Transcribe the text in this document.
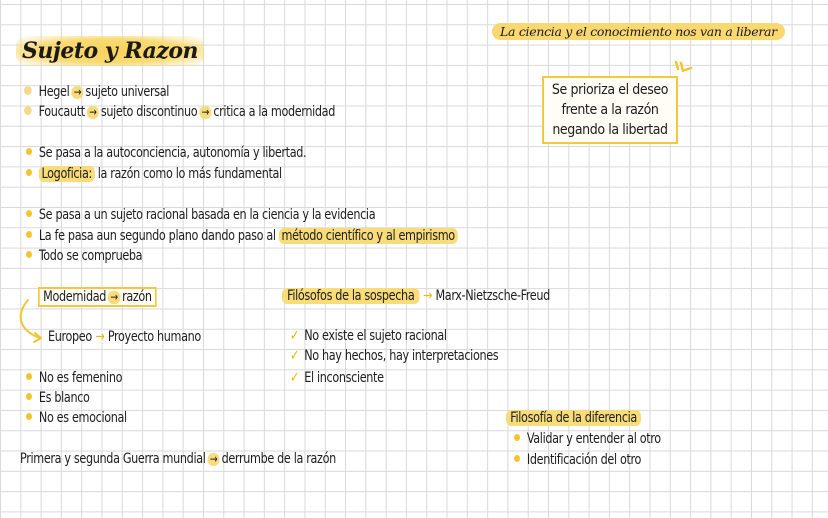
Sujeto y Razon
La ciencia y el conocimiento nos van a liberar
Se prioriza el deseo
frente a la razón
negando la libertad
Hegel → sujeto universal
Foucautt → sujeto discontinuo → critica a la modernidad
Se pasa a la autoconciencia, autonomía y libertad.
Logoficia: la razón como lo más fundamental
Se pasa a un sujeto racional basada en la ciencia y la evidencia
La fe pasa aun segundo plano dando paso al método científico y al empirismo
Todo se comprueba
Modernidad → razón
Europeo → Proyecto humano
No es femenino
Es blanco
No es emocional
Filósofos de la sospecha → Marx-Nietzsche-Freud
✓ No existe el sujeto racional
✓ No hay hechos, hay interpretaciones
✓ El inconsciente
Primera y segunda Guerra mundial → derrumbe de la razón
Filosofía de la diferencia
Validar y entender al otro
Identificación del otro
